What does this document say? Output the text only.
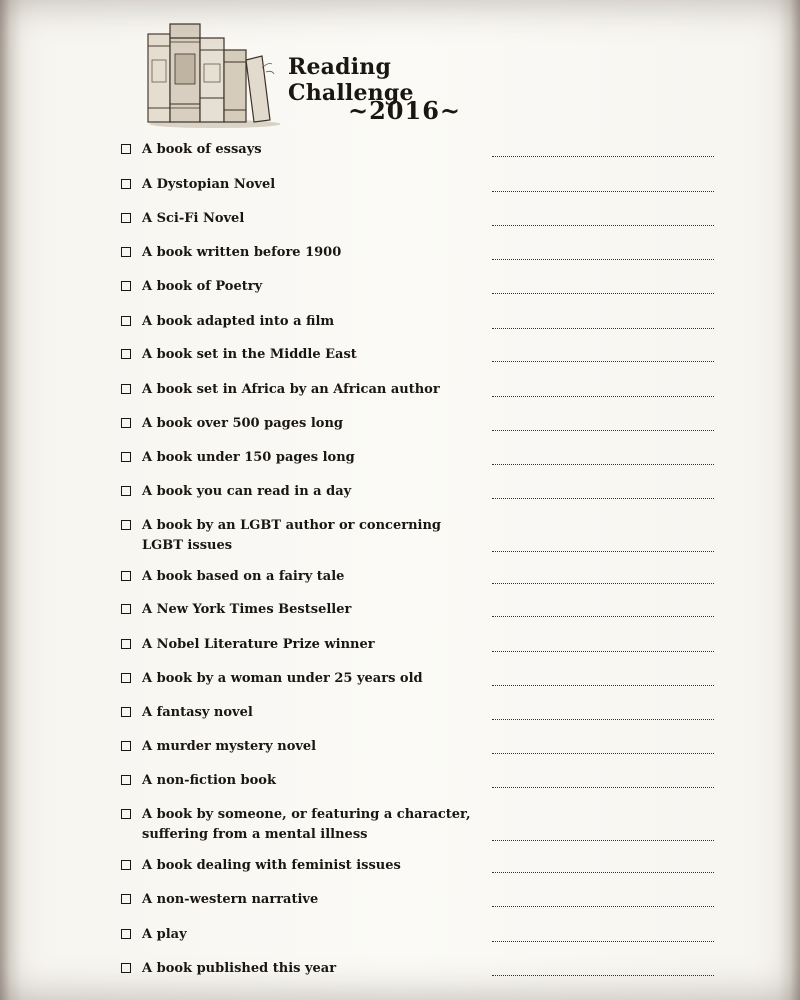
Reading Challenge
~2016~
A book of essays
A Dystopian Novel
A Sci-Fi Novel
A book written before 1900
A book of Poetry
A book adapted into a film
A book set in the Middle East
A book set in Africa by an African author
A book over 500 pages long
A book under 150 pages long
A book you can read in a day
A book by an LGBT author or concerning
LGBT issues
A book based on a fairy tale
A New York Times Bestseller
A Nobel Literature Prize winner
A book by a woman under 25 years old
A fantasy novel
A murder mystery novel
A non-fiction book
A book by someone, or featuring a character,
suffering from a mental illness
A book dealing with feminist issues
A non-western narrative
A play
A book published this year
